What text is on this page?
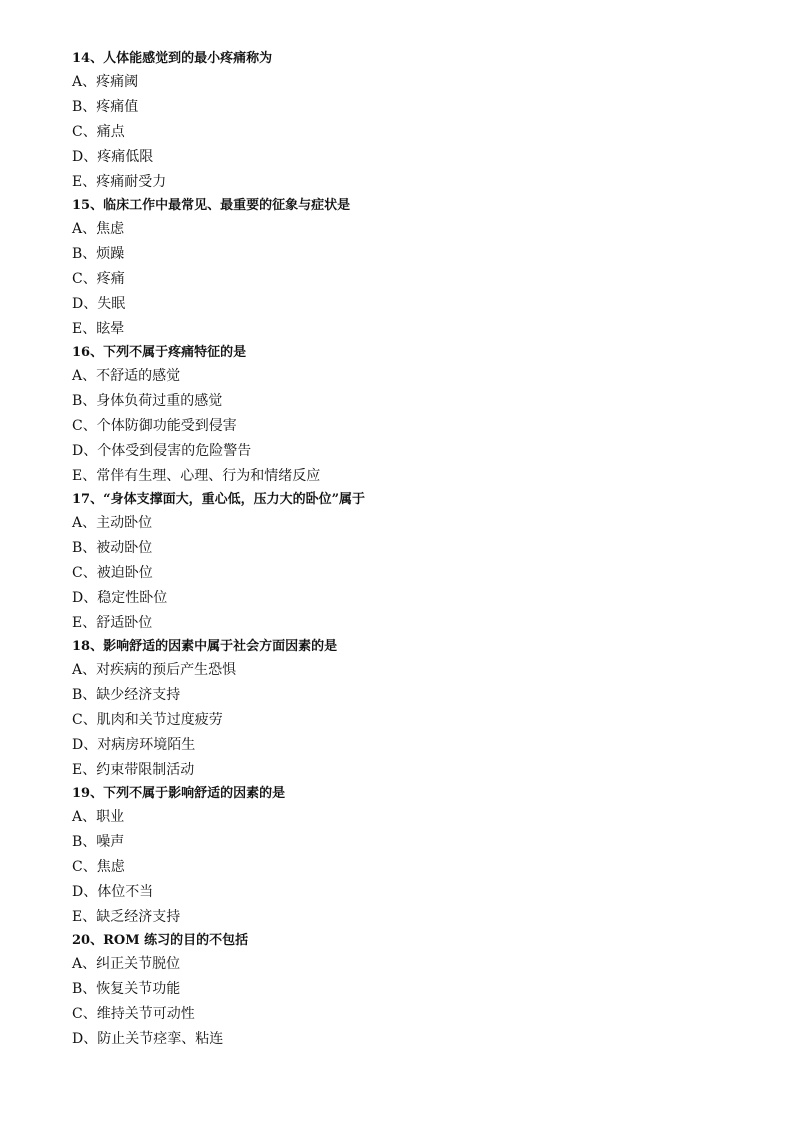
14、人体能感觉到的最小疼痛称为
A、疼痛阈
B、疼痛值
C、痛点
D、疼痛低限
E、疼痛耐受力
15、临床工作中最常见、最重要的征象与症状是
A、焦虑
B、烦躁
C、疼痛
D、失眠
E、眩晕
16、下列不属于疼痛特征的是
A、不舒适的感觉
B、身体负荷过重的感觉
C、个体防御功能受到侵害
D、个体受到侵害的危险警告
E、常伴有生理、心理、行为和情绪反应
17、“身体支撑面大，重心低，压力大的卧位”属于
A、主动卧位
B、被动卧位
C、被迫卧位
D、稳定性卧位
E、舒适卧位
18、影响舒适的因素中属于社会方面因素的是
A、对疾病的预后产生恐惧
B、缺少经济支持
C、肌肉和关节过度疲劳
D、对病房环境陌生
E、约束带限制活动
19、下列不属于影响舒适的因素的是
A、职业
B、噪声
C、焦虑
D、体位不当
E、缺乏经济支持
20、ROM 练习的目的不包括
A、纠正关节脱位
B、恢复关节功能
C、维持关节可动性
D、防止关节痉挛、粘连
